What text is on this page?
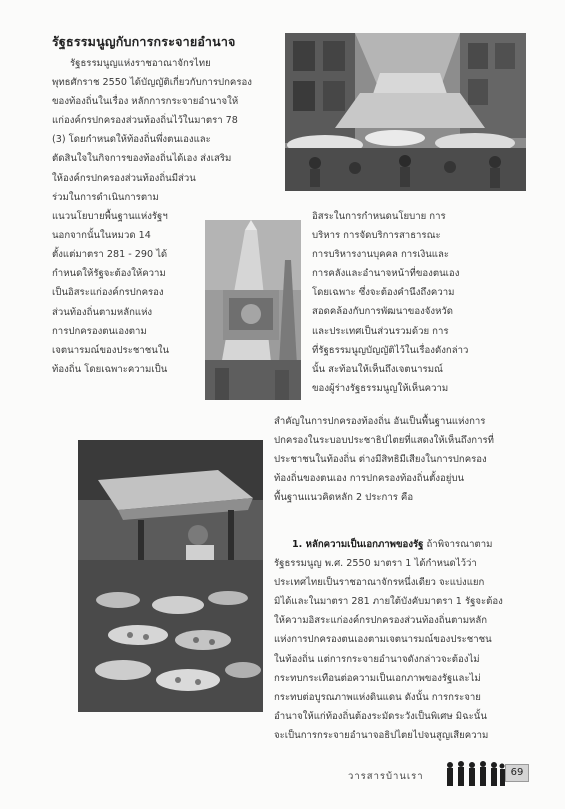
รัฐธรรมนูญกับการกระจายอำนาจ

รัฐธรรมนูญแห่งราชอาณาจักรไทย

พุทธศักราช 2550 ได้บัญญัติเกี่ยวกับการปกครอง

ของท้องถิ่นในเรื่อง หลักการกระจายอำนาจให้

แก่องค์กรปกครองส่วนท้องถิ่นไว้ในมาตรา 78

(3) โดยกำหนดให้ท้องถิ่นพึ่งตนเองและ

ตัดสินใจในกิจการของท้องถิ่นได้เอง ส่งเสริม

ให้องค์กรปกครองส่วนท้องถิ่นมีส่วน

ร่วมในการดำเนินการตาม

แนวนโยบายพื้นฐานแห่งรัฐฯ

นอกจากนั้นในหมวด 14

ตั้งแต่มาตรา 281 - 290 ได้

กำหนดให้รัฐจะต้องให้ความ

เป็นอิสระแก่องค์กรปกครอง

ส่วนท้องถิ่นตามหลักแห่ง

การปกครองตนเองตาม

เจตนารมณ์ของประชาชนใน

ท้องถิ่น โดยเฉพาะความเป็น

อิสระในการกำหนดนโยบาย การ

บริหาร การจัดบริการสาธารณะ

การบริหารงานบุคคล การเงินและ

การคลังและอำนาจหน้าที่ของตนเอง

โดยเฉพาะ ซึ่งจะต้องคำนึงถึงความ

สอดคล้องกับการพัฒนาของจังหวัด

และประเทศเป็นส่วนรวมด้วย การ

ที่รัฐธรรมนูญบัญญัติไว้ในเรื่องดังกล่าว

นั้น สะท้อนให้เห็นถึงเจตนารมณ์

ของผู้ร่างรัฐธรรมนูญให้เห็นความ

สำคัญในการปกครองท้องถิ่น อันเป็นพื้นฐานแห่งการ

ปกครองในระบอบประชาธิปไตยที่แสดงให้เห็นถึงการที่

ประชาชนในท้องถิ่น ต่างมีสิทธิมีเสียงในการปกครอง

ท้องถิ่นของตนเอง การปกครองท้องถิ่นตั้งอยู่บน

พื้นฐานแนวคิดหลัก 2 ประการ คือ

1. หลักความเป็นเอกภาพของรัฐ ถ้าพิจารณาตาม

รัฐธรรมนูญ พ.ศ. 2550 มาตรา 1 ได้กำหนดไว้ว่า

ประเทศไทยเป็นราชอาณาจักรหนึ่งเดียว จะแบ่งแยก

มิได้และในมาตรา 281 ภายใต้บังคับมาตรา 1 รัฐจะต้อง

ให้ความอิสระแก่องค์กรปกครองส่วนท้องถิ่นตามหลัก

แห่งการปกครองตนเองตามเจตนารมณ์ของประชาชน

ในท้องถิ่น แต่การกระจายอำนาจดังกล่าวจะต้องไม่

กระทบกระเทือนต่อความเป็นเอกภาพของรัฐและไม่

กระทบต่อบูรณภาพแห่งดินแดน ดังนั้น การกระจาย

อำนาจให้แก่ท้องถิ่นต้องระมัดระวังเป็นพิเศษ มิฉะนั้น

จะเป็นการกระจายอำนาจอธิปไตยไปจนสูญเสียความ

วารสารบ้านเรา	69
